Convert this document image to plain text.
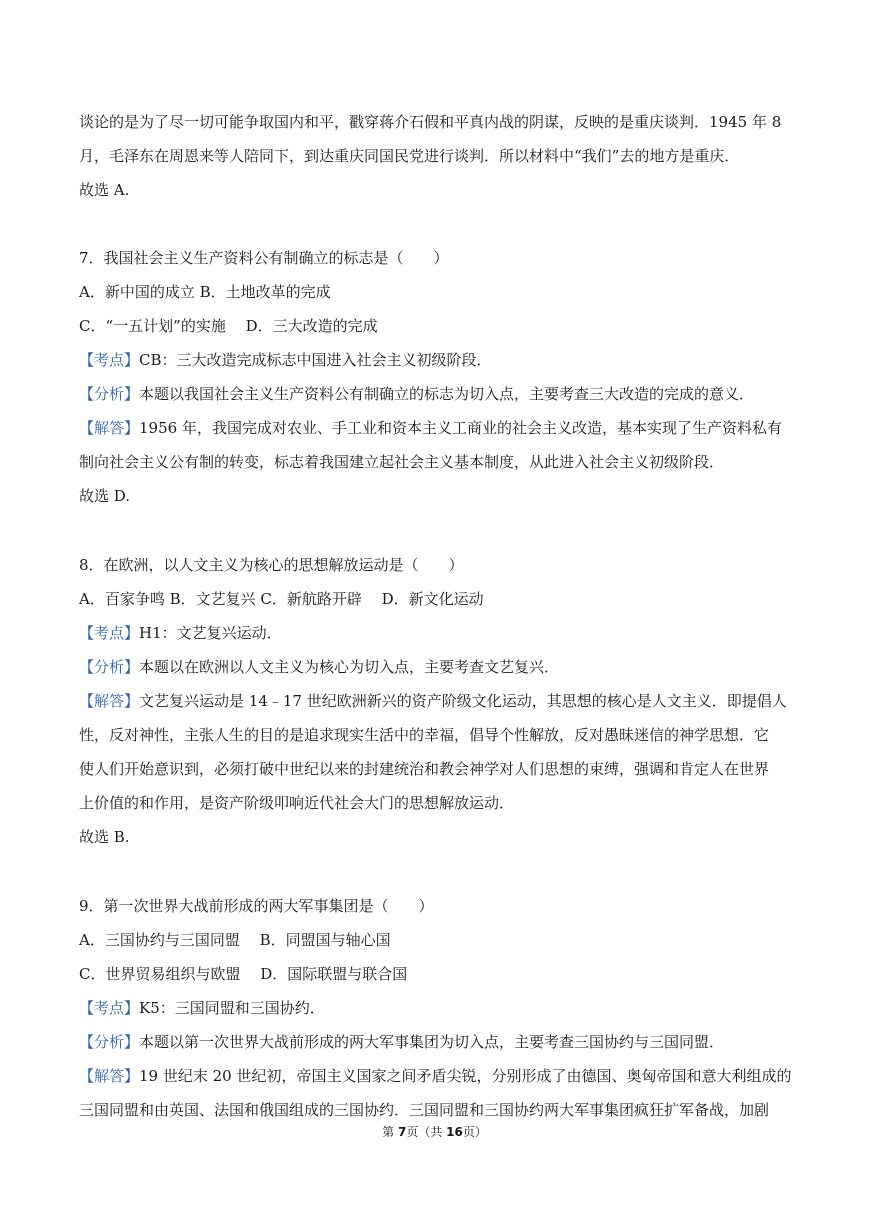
谈论的是为了尽一切可能争取国内和平，戳穿蒋介石假和平真内战的阴谋，反映的是重庆谈判．1945 年 8
月，毛泽东在周恩来等人陪同下，到达重庆同国民党进行谈判．所以材料中“我们”去的地方是重庆．
故选 A.
7．我国社会主义生产资料公有制确立的标志是（　　）
A．新中国的成立 B．土地改革的完成
C．“一五计划”的实施　 D．三大改造的完成
【考点】CB：三大改造完成标志中国进入社会主义初级阶段．
【分析】本题以我国社会主义生产资料公有制确立的标志为切入点，主要考查三大改造的完成的意义．
【解答】1956 年，我国完成对农业、手工业和资本主义工商业的社会主义改造，基本实现了生产资料私有
制向社会主义公有制的转变，标志着我国建立起社会主义基本制度，从此进入社会主义初级阶段．
故选 D.
8．在欧洲，以人文主义为核心的思想解放运动是（　　）
A．百家争鸣 B．文艺复兴 C．新航路开辟　 D．新文化运动
【考点】H1：文艺复兴运动．
【分析】本题以在欧洲以人文主义为核心为切入点，主要考查文艺复兴．
【解答】文艺复兴运动是 14﹣17 世纪欧洲新兴的资产阶级文化运动，其思想的核心是人文主义．即提倡人
性，反对神性，主张人生的目的是追求现实生活中的幸福，倡导个性解放，反对愚昧迷信的神学思想．它
使人们开始意识到，必须打破中世纪以来的封建统治和教会神学对人们思想的束缚，强调和肯定人在世界
上价值的和作用，是资产阶级叩响近代社会大门的思想解放运动．
故选 B.
9．第一次世界大战前形成的两大军事集团是（　　）
A．三国协约与三国同盟　 B．同盟国与轴心国
C．世界贸易组织与欧盟　 D．国际联盟与联合国
【考点】K5：三国同盟和三国协约．
【分析】本题以第一次世界大战前形成的两大军事集团为切入点，主要考查三国协约与三国同盟．
【解答】19 世纪末 20 世纪初，帝国主义国家之间矛盾尖锐，分别形成了由德国、奥匈帝国和意大利组成的
三国同盟和由英国、法国和俄国组成的三国协约．三国同盟和三国协约两大军事集团疯狂扩军备战，加剧
第 7页（共 16页）
